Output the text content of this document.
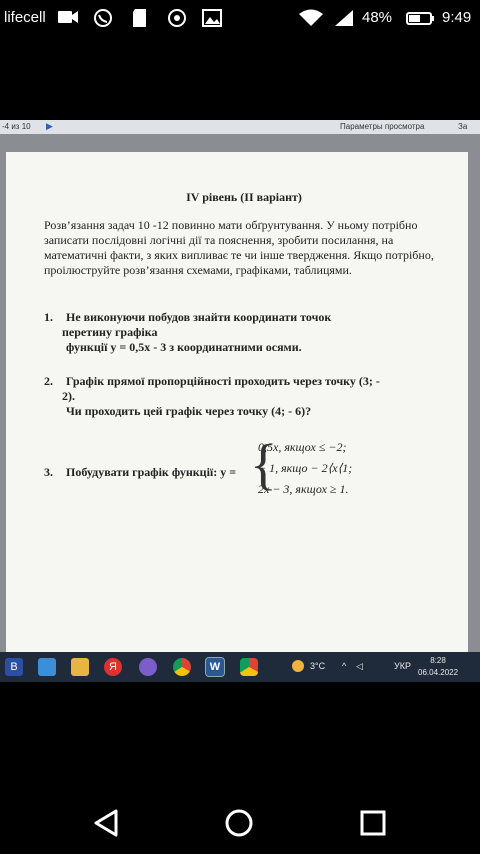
lifecell	48%	9:49
-4 из 10 ▶	Параметры просмотра	За
IV рівень (II варіант)
Розв’язання задач 10 -12 повинно мати обґрунтування. У ньому потрібно записати послідовні логічні дії та пояснення, зробити посилання, на математичні факти, з яких випливає те чи інше твердження. Якщо потрібно, проілюструйте розв’язання схемами, графіками, таблицями.
1. Не виконуючи побудов знайти координати точок
перетину графіка
функції у = 0,5х - 3 з координатними осями.
2. Графік прямої пропорційності проходить через точку (3; -
2).
Чи проходить цей графік через точку (4; - 6)?
3. Побудувати графік функції: у = {
0,5x, якщох ≤ −2;
− 1, якщо − 2⟨x⟨1;
2x − 3, якщох ≥ 1.
B	Я	W	3°C ^ ◁	УКР
8:28
06.04.2022
